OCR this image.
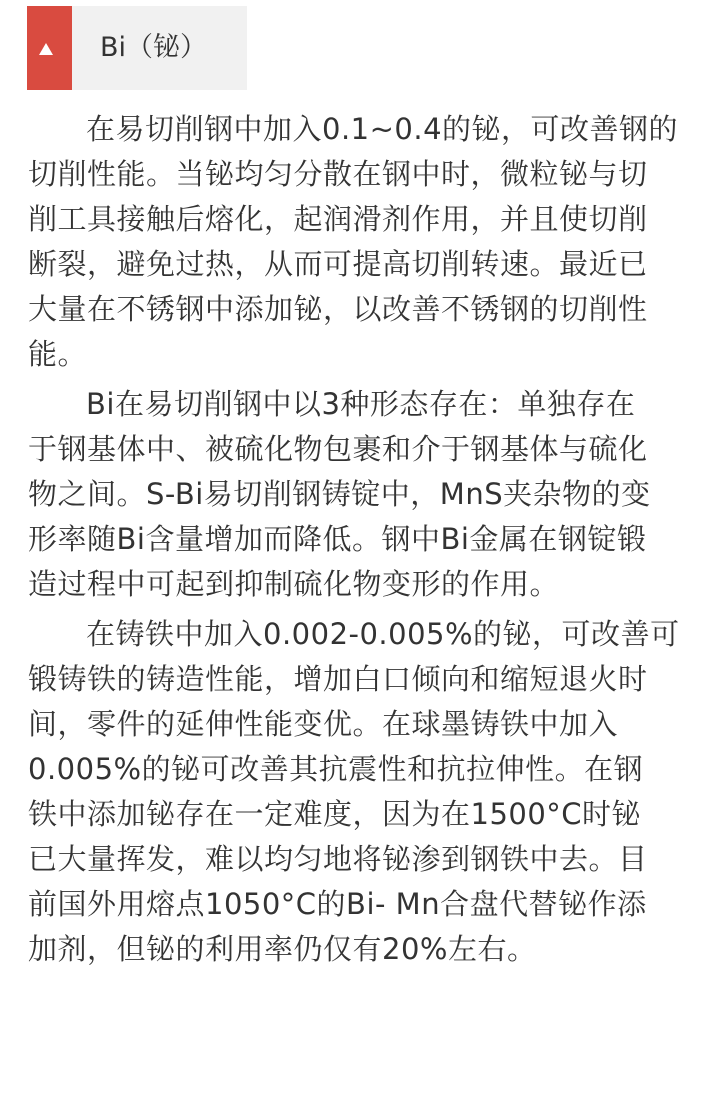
Bi（铋）
在易切削钢中加入0.1~0.4的铋，可改善钢的
切削性能。当铋均匀分散在钢中时，微粒铋与切
削工具接触后熔化，起润滑剂作用，并且使切削
断裂，避免过热，从而可提高切削转速。最近已
大量在不锈钢中添加铋，以改善不锈钢的切削性
能。
Bi在易切削钢中以3种形态存在：单独存在
于钢基体中、被硫化物包裹和介于钢基体与硫化
物之间。S-Bi易切削钢铸锭中，MnS夹杂物的变
形率随Bi含量增加而降低。钢中Bi金属在钢锭锻
造过程中可起到抑制硫化物变形的作用。
在铸铁中加入0.002-0.005%的铋，可改善可
锻铸铁的铸造性能，增加白口倾向和缩短退火时
间，零件的延伸性能变优。在球墨铸铁中加入
0.005%的铋可改善其抗震性和抗拉伸性。在钢
铁中添加铋存在一定难度，因为在1500°C时铋
已大量挥发，难以均匀地将铋渗到钢铁中去。目
前国外用熔点1050°C的Bi- Mn合盘代替铋作添
加剂，但铋的利用率仍仅有20%左右。
